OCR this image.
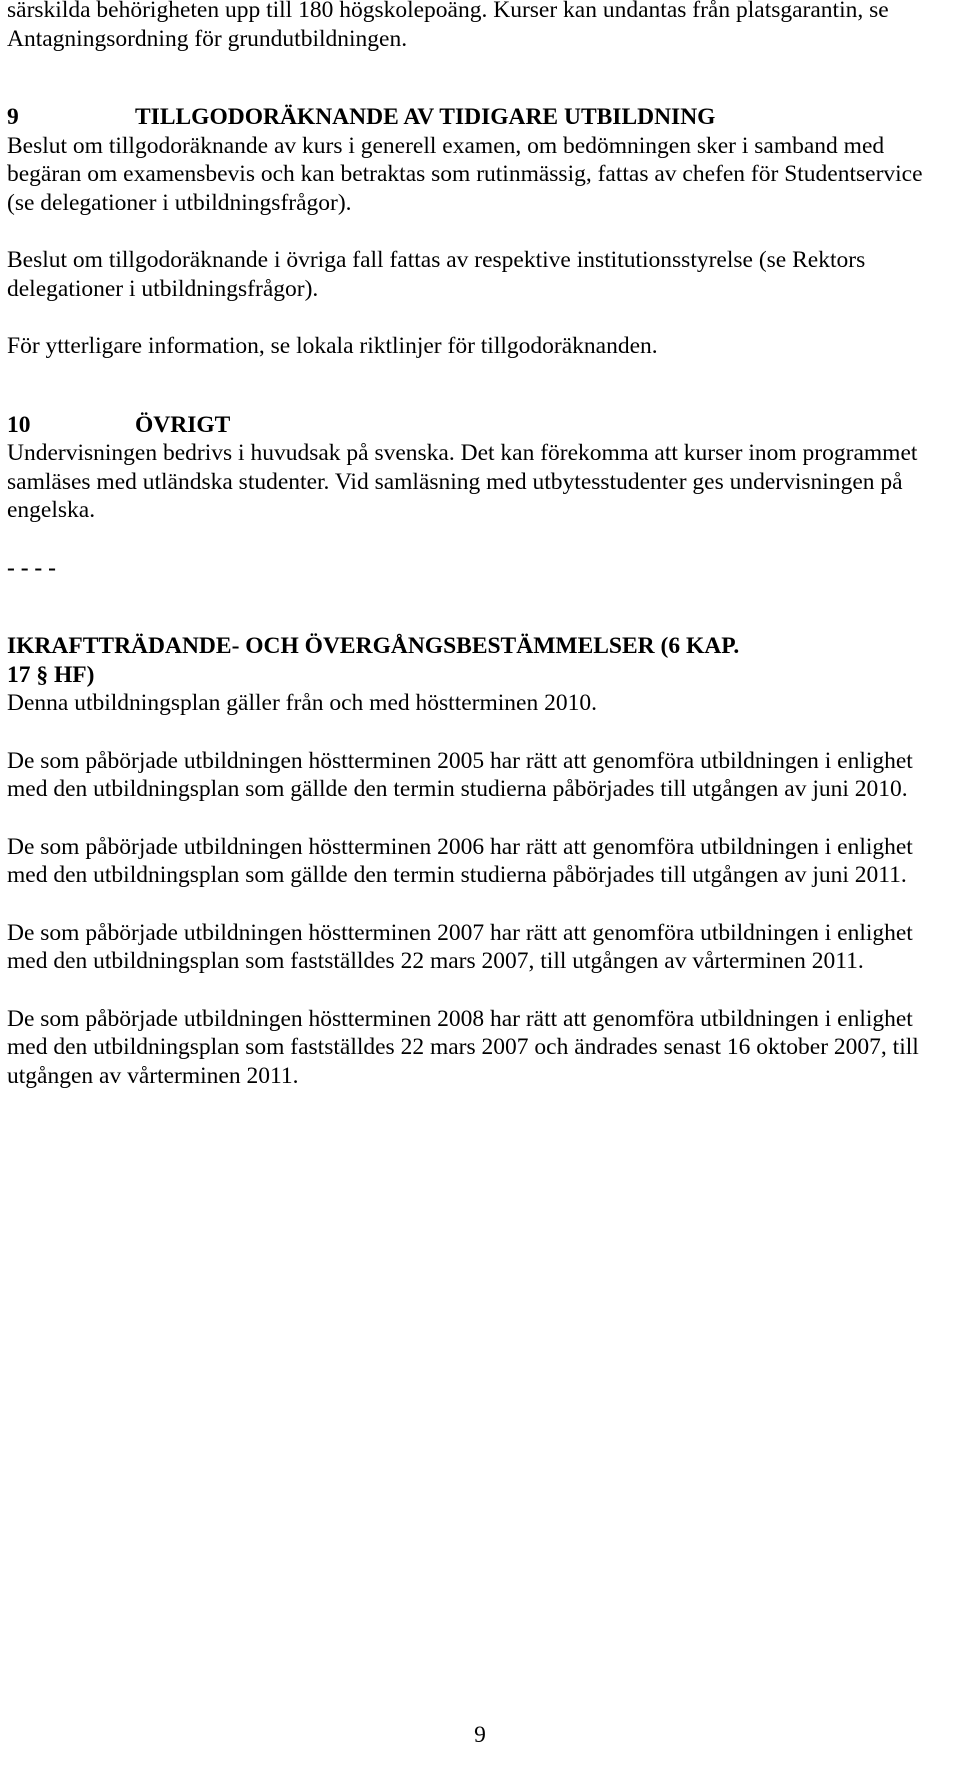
särskilda behörigheten upp till 180 högskolepoäng. Kurser kan undantas från platsgarantin, se Antagningsordning för grundutbildningen.

9	TILLGODORÄKNANDE AV TIDIGARE UTBILDNING

Beslut om tillgodoräknande av kurs i generell examen, om bedömningen sker i samband med begäran om examensbevis och kan betraktas som rutinmässig, fattas av chefen för Studentservice (se delegationer i utbildningsfrågor).

Beslut om tillgodoräknande i övriga fall fattas av respektive institutionsstyrelse (se Rektors delegationer i utbildningsfrågor).

För ytterligare information, se lokala riktlinjer för tillgodoräknanden.

10	ÖVRIGT

Undervisningen bedrivs i huvudsak på svenska. Det kan förekomma att kurser inom programmet samläses med utländska studenter. Vid samläsning med utbytesstudenter ges undervisningen på engelska.

- - - -

IKRAFTTRÄDANDE- OCH ÖVERGÅNGSBESTÄMMELSER (6 KAP.

17 § HF)

Denna utbildningsplan gäller från och med höstterminen 2010.

De som påbörjade utbildningen höstterminen 2005 har rätt att genomföra utbildningen i enlighet med den utbildningsplan som gällde den termin studierna påbörjades till utgången av juni 2010.

De som påbörjade utbildningen höstterminen 2006 har rätt att genomföra utbildningen i enlighet med den utbildningsplan som gällde den termin studierna påbörjades till utgången av juni 2011.

De som påbörjade utbildningen höstterminen 2007 har rätt att genomföra utbildningen i enlighet med den utbildningsplan som fastställdes 22 mars 2007, till utgången av vårterminen 2011.

De som påbörjade utbildningen höstterminen 2008 har rätt att genomföra utbildningen i enlighet med den utbildningsplan som fastställdes 22 mars 2007 och ändrades senast 16 oktober 2007, till utgången av vårterminen 2011.

9
